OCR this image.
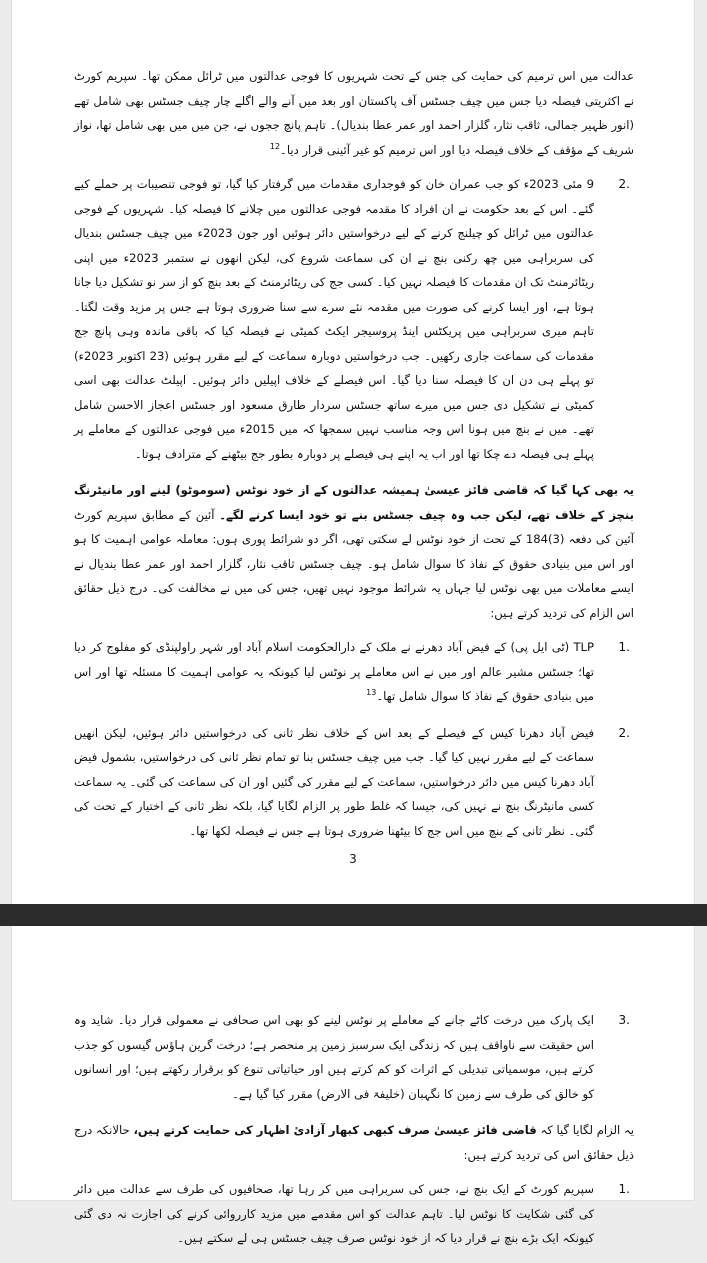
عدالت میں اس ترمیم کی حمایت کی جس کے تحت شہریوں کا فوجی عدالتوں میں ٹرائل ممکن تھا۔ سپریم کورٹ نے اکثریتی فیصلہ دیا جس میں چیف جسٹس آف پاکستان اور بعد میں آنے والے اگلے چار چیف جسٹس بھی شامل تھے (انور ظہیر جمالی، ثاقب نثار، گلزار احمد اور عمر عطا بندیال)۔ تاہم پانچ ججوں نے، جن میں میں بھی شامل تھا، نواز شریف کے مؤقف کے خلاف فیصلہ دیا اور اس ترمیم کو غیر آئینی قرار دیا۔$^{12}$

2.
9 مئی 2023ء کو جب عمران خان کو فوجداری مقدمات میں گرفتار کیا گیا، تو فوجی تنصیبات پر حملے کیے گئے۔ اس کے بعد حکومت نے ان افراد کا مقدمہ فوجی عدالتوں میں چلانے کا فیصلہ کیا۔ شہریوں کے فوجی عدالتوں میں ٹرائل کو چیلنج کرنے کے لیے درخواستیں دائر ہوئیں اور جون 2023ء میں چیف جسٹس بندیال کی سربراہی میں چھ رکنی بنچ نے ان کی سماعت شروع کی، لیکن انھوں نے ستمبر 2023ء میں اپنی ریٹائرمنٹ تک ان مقدمات کا فیصلہ نہیں کیا۔ کسی جج کی ریٹائرمنٹ کے بعد بنچ کو از سر نو تشکیل دیا جانا ہوتا ہے، اور ایسا کرنے کی صورت میں مقدمہ نئے سرے سے سنا ضروری ہوتا ہے جس پر مزید وقت لگتا۔ تاہم میری سربراہی میں پریکٹس اینڈ پروسیجر ایکٹ کمیٹی نے فیصلہ کیا کہ باقی ماندہ وہی پانچ جج مقدمات کی سماعت جاری رکھیں۔ جب درخواستیں دوبارہ سماعت کے لیے مقرر ہوئیں (23 اکتوبر 2023ء) تو پہلے ہی دن ان کا فیصلہ سنا دیا گیا۔ اس فیصلے کے خلاف اپیلیں دائر ہوئیں۔ اپیلٹ عدالت بھی اسی کمیٹی نے تشکیل دی جس میں میرے ساتھ جسٹس سردار طارق مسعود اور جسٹس اعجاز الاحسن شامل تھے۔ میں نے بنچ میں ہونا اس وجہ مناسب نہیں سمجھا کہ میں 2015ء میں فوجی عدالتوں کے معاملے پر پہلے ہی فیصلہ دے چکا تھا اور اب یہ اپنے ہی فیصلے پر دوبارہ بطور جج بیٹھنے کے مترادف ہوتا۔

یہ بھی کہا گیا کہ قاضی فائز عیسیٰ ہمیشہ عدالتوں کے از خود نوٹس (سوموٹو) لینے اور مانیٹرنگ بنچز کے خلاف تھے، لیکن جب وہ چیف جسٹس بنے تو خود ایسا کرنے لگے۔ آئین کے مطابق سپریم کورٹ آئین کی دفعہ (3)184 کے تحت از خود نوٹس لے سکتی تھی، اگر دو شرائط پوری ہوں: معاملہ عوامی اہمیت کا ہو اور اس میں بنیادی حقوق کے نفاذ کا سوال شامل ہو۔ چیف جسٹس ثاقب نثار، گلزار احمد اور عمر عطا بندیال نے ایسے معاملات میں بھی نوٹس لیا جہاں یہ شرائط موجود نہیں تھیں، جس کی میں نے مخالفت کی۔ درج ذیل حقائق اس الزام کی تردید کرتے ہیں:

1.
TLP (ٹی ایل پی) کے فیض آباد دھرنے نے ملک کے دارالحکومت اسلام آباد اور شہر راولپنڈی کو مفلوج کر دیا تھا؛ جسٹس مشیر عالم اور میں نے اس معاملے پر نوٹس لیا کیونکہ یہ عوامی اہمیت کا مسئلہ تھا اور اس میں بنیادی حقوق کے نفاذ کا سوال شامل تھا۔$^{13}$
2.
فیض آباد دھرنا کیس کے فیصلے کے بعد اس کے خلاف نظر ثانی کی درخواستیں دائر ہوئیں، لیکن انھیں سماعت کے لیے مقرر نہیں کیا گیا۔ جب میں چیف جسٹس بنا تو تمام نظر ثانی کی درخواستیں، بشمول فیض آباد دھرنا کیس میں دائر درخواستیں، سماعت کے لیے مقرر کی گئیں اور ان کی سماعت کی گئی۔ یہ سماعت کسی مانیٹرنگ بنچ نے نہیں کی، جیسا کہ غلط طور پر الزام لگایا گیا، بلکہ نظر ثانی کے اختیار کے تحت کی گئی۔ نظر ثانی کے بنچ میں اس جج کا بیٹھنا ضروری ہوتا ہے جس نے فیصلہ لکھا تھا۔
3
3.
ایک پارک میں درخت کاٹے جانے کے معاملے پر نوٹس لینے کو بھی اس صحافی نے معمولی قرار دیا۔ شاید وہ اس حقیقت سے ناواقف ہیں کہ زندگی ایک سرسبز زمین پر منحصر ہے؛ درخت گرین ہاؤس گیسوں کو جذب کرتے ہیں، موسمیاتی تبدیلی کے اثرات کو کم کرتے ہیں اور حیاتیاتی تنوع کو برقرار رکھتے ہیں؛ اور انسانوں کو خالق کی طرف سے زمین کا نگہبان (خلیفۃ فی الارض) مقرر کیا گیا ہے۔

یہ الزام لگایا گیا کہ قاضی فائز عیسیٰ صرف کبھی کبھار آزادیٔ اظہار کی حمایت کرتے ہیں، حالانکہ درج ذیل حقائق اس کی تردید کرتے ہیں:

1.
سپریم کورٹ کے ایک بنچ نے، جس کی سربراہی میں کر رہا تھا، صحافیوں کی طرف سے عدالت میں دائر کی گئی شکایت کا نوٹس لیا۔ تاہم عدالت کو اس مقدمے میں مزید کارروائی کرنے کی اجازت نہ دی گئی کیونکہ ایک بڑے بنچ نے قرار دیا کہ از خود نوٹس صرف چیف جسٹس ہی لے سکتے ہیں۔
